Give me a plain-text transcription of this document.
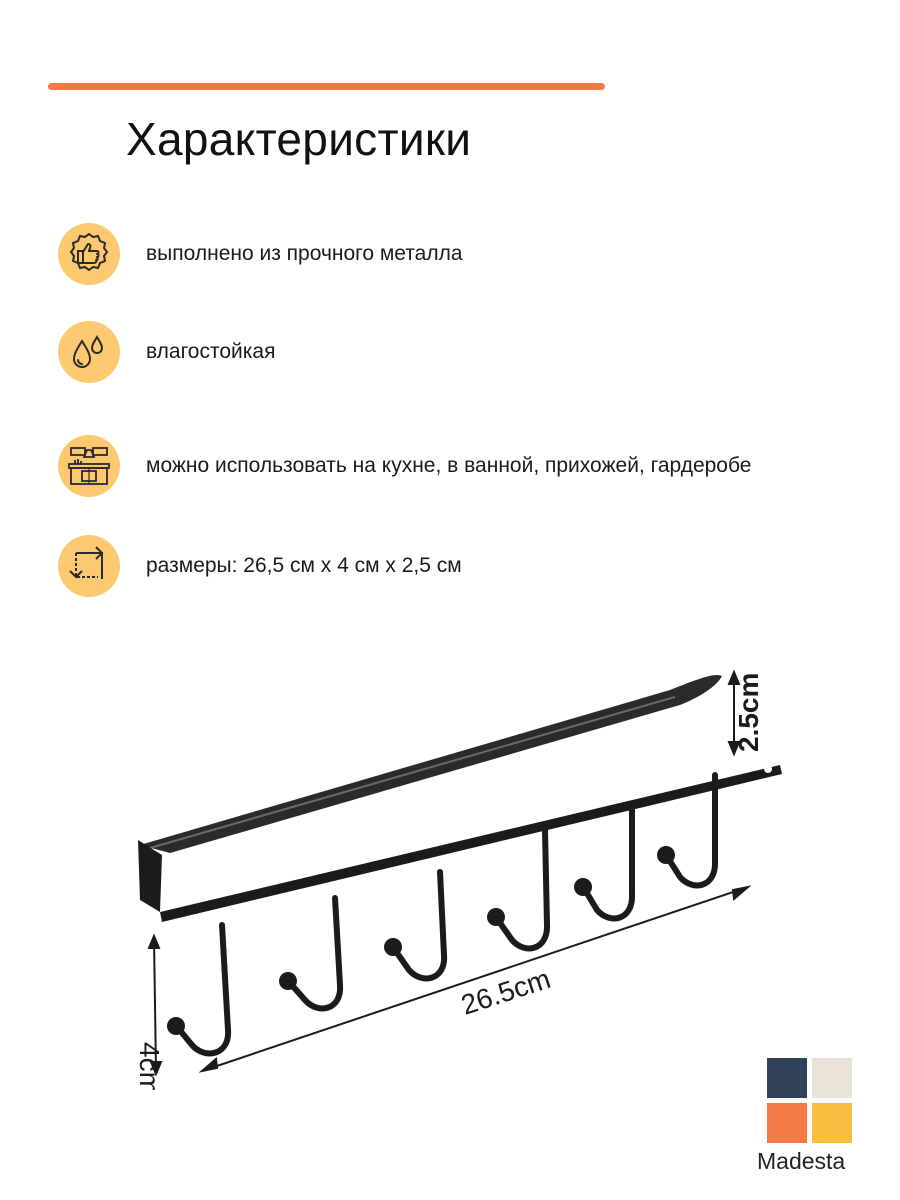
Характеристики
выполнено из прочного металла
влагостойкая
можно использовать на кухне, в ванной, прихожей, гардеробе
размеры: 26,5 см х 4 см х 2,5 см
26.5cm
4cm
2.5cm
Madesta
